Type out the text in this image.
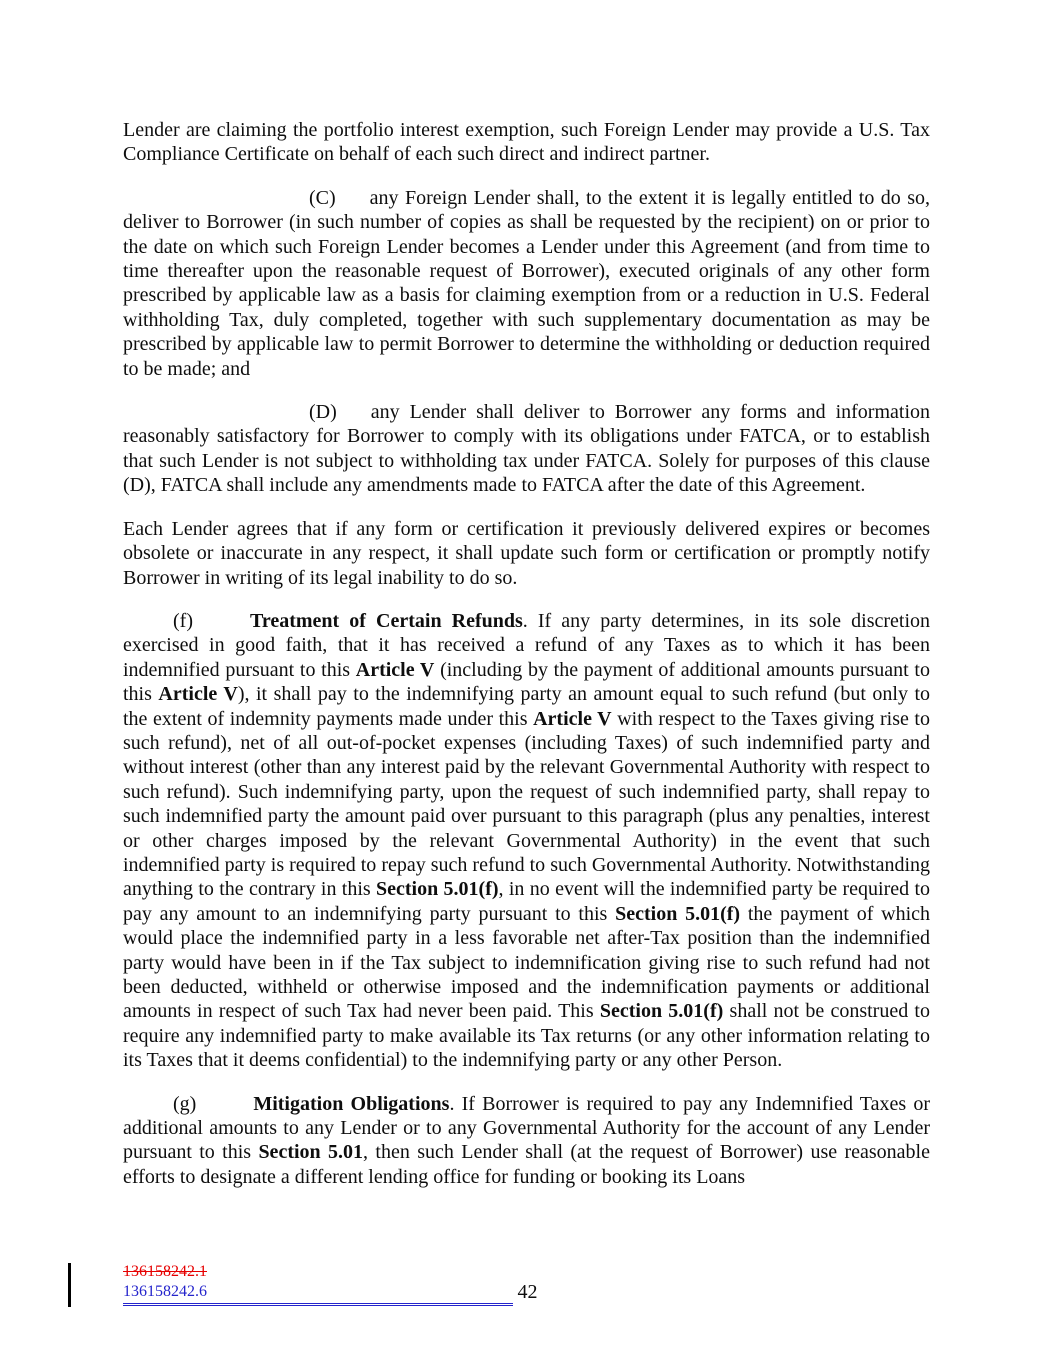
Lender are claiming the portfolio interest exemption, such Foreign Lender may provide a U.S. Tax Compliance Certificate on behalf of each such direct and indirect partner.

(C) any Foreign Lender shall, to the extent it is legally entitled to do so, deliver to Borrower (in such number of copies as shall be requested by the recipient) on or prior to the date on which such Foreign Lender becomes a Lender under this Agreement (and from time to time thereafter upon the reasonable request of Borrower), executed originals of any other form prescribed by applicable law as a basis for claiming exemption from or a reduction in U.S. Federal withholding Tax, duly completed, together with such supplementary documentation as may be prescribed by applicable law to permit Borrower to determine the withholding or deduction required to be made; and

(D) any Lender shall deliver to Borrower any forms and information reasonably satisfactory for Borrower to comply with its obligations under FATCA, or to establish that such Lender is not subject to withholding tax under FATCA. Solely for purposes of this clause (D), FATCA shall include any amendments made to FATCA after the date of this Agreement.

Each Lender agrees that if any form or certification it previously delivered expires or becomes obsolete or inaccurate in any respect, it shall update such form or certification or promptly notify Borrower in writing of its legal inability to do so.

(f)	Treatment of Certain Refunds. If any party determines, in its sole discretion exercised in good faith, that it has received a refund of any Taxes as to which it has been indemnified pursuant to this Article V (including by the payment of additional amounts pursuant to this Article V), it shall pay to the indemnifying party an amount equal to such refund (but only to the extent of indemnity payments made under this Article V with respect to the Taxes giving rise to such refund), net of all out-of-pocket expenses (including Taxes) of such indemnified party and without interest (other than any interest paid by the relevant Governmental Authority with respect to such refund). Such indemnifying party, upon the request of such indemnified party, shall repay to such indemnified party the amount paid over pursuant to this paragraph (plus any penalties, interest or other charges imposed by the relevant Governmental Authority) in the event that such indemnified party is required to repay such refund to such Governmental Authority. Notwithstanding anything to the contrary in this Section 5.01(f), in no event will the indemnified party be required to pay any amount to an indemnifying party pursuant to this Section 5.01(f) the payment of which would place the indemnified party in a less favorable net after-Tax position than the indemnified party would have been in if the Tax subject to indemnification giving rise to such refund had not been deducted, withheld or otherwise imposed and the indemnification payments or additional amounts in respect of such Tax had never been paid. This Section 5.01(f) shall not be construed to require any indemnified party to make available its Tax returns (or any other information relating to its Taxes that it deems confidential) to the indemnifying party or any other Person.

(g)	Mitigation Obligations. If Borrower is required to pay any Indemnified Taxes or additional amounts to any Lender or to any Governmental Authority for the account of any Lender pursuant to this Section 5.01, then such Lender shall (at the request of Borrower) use reasonable efforts to designate a different lending office for funding or booking its Loans

136158242.1
136158242.6	42
